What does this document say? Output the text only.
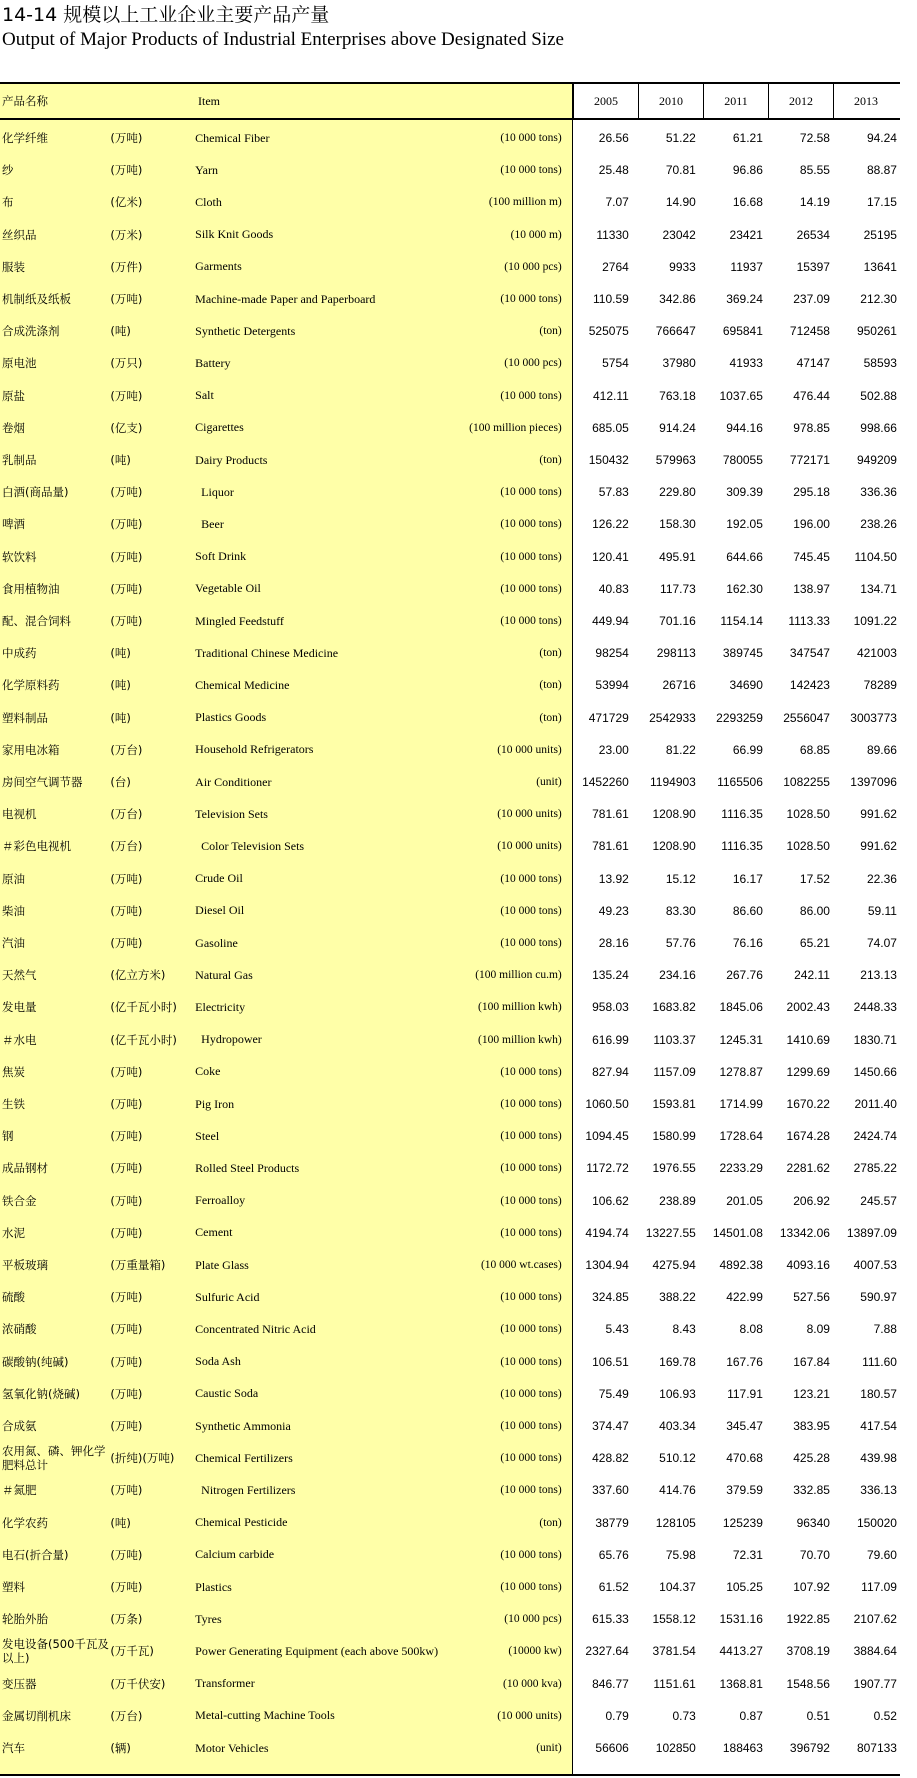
14-14 规模以上工业企业主要产品产量
Output of Major Products of Industrial Enterprises above Designated Size
产品名称	Item	2005	2010	2011	2012	2013
化学纤维	(万吨)	Chemical Fiber	(10 000 tons)	26.56	51.22	61.21	72.58	94.24
纱	(万吨)	Yarn	(10 000 tons)	25.48	70.81	96.86	85.55	88.87
布	(亿米)	Cloth	(100 million m)	7.07	14.90	16.68	14.19	17.15
丝织品	(万米)	Silk Knit Goods	(10 000 m)	11330	23042	23421	26534	25195
服装	(万件)	Garments	(10 000 pcs)	2764	9933	11937	15397	13641
机制纸及纸板	(万吨)	Machine-made Paper and Paperboard	(10 000 tons)	110.59	342.86	369.24	237.09	212.30
合成洗涤剂	(吨)	Synthetic Detergents	(ton)	525075	766647	695841	712458	950261
原电池	(万只)	Battery	(10 000 pcs)	5754	37980	41933	47147	58593
原盐	(万吨)	Salt	(10 000 tons)	412.11	763.18	1037.65	476.44	502.88
卷烟	(亿支)	Cigarettes	(100 million pieces)	685.05	914.24	944.16	978.85	998.66
乳制品	(吨)	Dairy Products	(ton)	150432	579963	780055	772171	949209
白酒(商品量)	(万吨)	Liquor	(10 000 tons)	57.83	229.80	309.39	295.18	336.36
啤酒	(万吨)	Beer	(10 000 tons)	126.22	158.30	192.05	196.00	238.26
软饮料	(万吨)	Soft Drink	(10 000 tons)	120.41	495.91	644.66	745.45	1104.50
食用植物油	(万吨)	Vegetable Oil	(10 000 tons)	40.83	117.73	162.30	138.97	134.71
配、混合饲料	(万吨)	Mingled Feedstuff	(10 000 tons)	449.94	701.16	1154.14	1113.33	1091.22
中成药	(吨)	Traditional Chinese Medicine	(ton)	98254	298113	389745	347547	421003
化学原料药	(吨)	Chemical Medicine	(ton)	53994	26716	34690	142423	78289
塑料制品	(吨)	Plastics Goods	(ton)	471729	2542933	2293259	2556047	3003773
家用电冰箱	(万台)	Household Refrigerators	(10 000 units)	23.00	81.22	66.99	68.85	89.66
房间空气调节器	(台)	Air Conditioner	(unit)	1452260	1194903	1165506	1082255	1397096
电视机	(万台)	Television Sets	(10 000 units)	781.61	1208.90	1116.35	1028.50	991.62
＃彩色电视机	(万台)	Color Television Sets	(10 000 units)	781.61	1208.90	1116.35	1028.50	991.62
原油	(万吨)	Crude Oil	(10 000 tons)	13.92	15.12	16.17	17.52	22.36
柴油	(万吨)	Diesel Oil	(10 000 tons)	49.23	83.30	86.60	86.00	59.11
汽油	(万吨)	Gasoline	(10 000 tons)	28.16	57.76	76.16	65.21	74.07
天然气	(亿立方米)	Natural Gas	(100 million cu.m)	135.24	234.16	267.76	242.11	213.13
发电量	(亿千瓦小时)	Electricity	(100 million kwh)	958.03	1683.82	1845.06	2002.43	2448.33
＃水电	(亿千瓦小时)	Hydropower	(100 million kwh)	616.99	1103.37	1245.31	1410.69	1830.71
焦炭	(万吨)	Coke	(10 000 tons)	827.94	1157.09	1278.87	1299.69	1450.66
生铁	(万吨)	Pig Iron	(10 000 tons)	1060.50	1593.81	1714.99	1670.22	2011.40
钢	(万吨)	Steel	(10 000 tons)	1094.45	1580.99	1728.64	1674.28	2424.74
成品钢材	(万吨)	Rolled Steel Products	(10 000 tons)	1172.72	1976.55	2233.29	2281.62	2785.22
铁合金	(万吨)	Ferroalloy	(10 000 tons)	106.62	238.89	201.05	206.92	245.57
水泥	(万吨)	Cement	(10 000 tons)	4194.74	13227.55	14501.08	13342.06	13897.09
平板玻璃	(万重量箱)	Plate Glass	(10 000 wt.cases)	1304.94	4275.94	4892.38	4093.16	4007.53
硫酸	(万吨)	Sulfuric Acid	(10 000 tons)	324.85	388.22	422.99	527.56	590.97
浓硝酸	(万吨)	Concentrated Nitric Acid	(10 000 tons)	5.43	8.43	8.08	8.09	7.88
碳酸钠(纯碱)	(万吨)	Soda Ash	(10 000 tons)	106.51	169.78	167.76	167.84	111.60
氢氧化钠(烧碱)	(万吨)	Caustic Soda	(10 000 tons)	75.49	106.93	117.91	123.21	180.57
合成氨	(万吨)	Synthetic Ammonia	(10 000 tons)	374.47	403.34	345.47	383.95	417.54
农用氮、磷、钾化学肥料总计	(折纯)(万吨)	Chemical Fertilizers	(10 000 tons)	428.82	510.12	470.68	425.28	439.98
＃氮肥	(万吨)	Nitrogen Fertilizers	(10 000 tons)	337.60	414.76	379.59	332.85	336.13
化学农药	(吨)	Chemical Pesticide	(ton)	38779	128105	125239	96340	150020
电石(折合量)	(万吨)	Calcium carbide	(10 000 tons)	65.76	75.98	72.31	70.70	79.60
塑料	(万吨)	Plastics	(10 000 tons)	61.52	104.37	105.25	107.92	117.09
轮胎外胎	(万条)	Tyres	(10 000 pcs)	615.33	1558.12	1531.16	1922.85	2107.62
发电设备(500千瓦及以上)	(万千瓦)	Power Generating Equipment (each above 500kw)	(10000 kw)	2327.64	3781.54	4413.27	3708.19	3884.64
变压器	(万千伏安)	Transformer	(10 000 kva)	846.77	1151.61	1368.81	1548.56	1907.77
金属切削机床	(万台)	Metal-cutting Machine Tools	(10 000 units)	0.79	0.73	0.87	0.51	0.52
汽车	(辆)	Motor Vehicles	(unit)	56606	102850	188463	396792	807133
